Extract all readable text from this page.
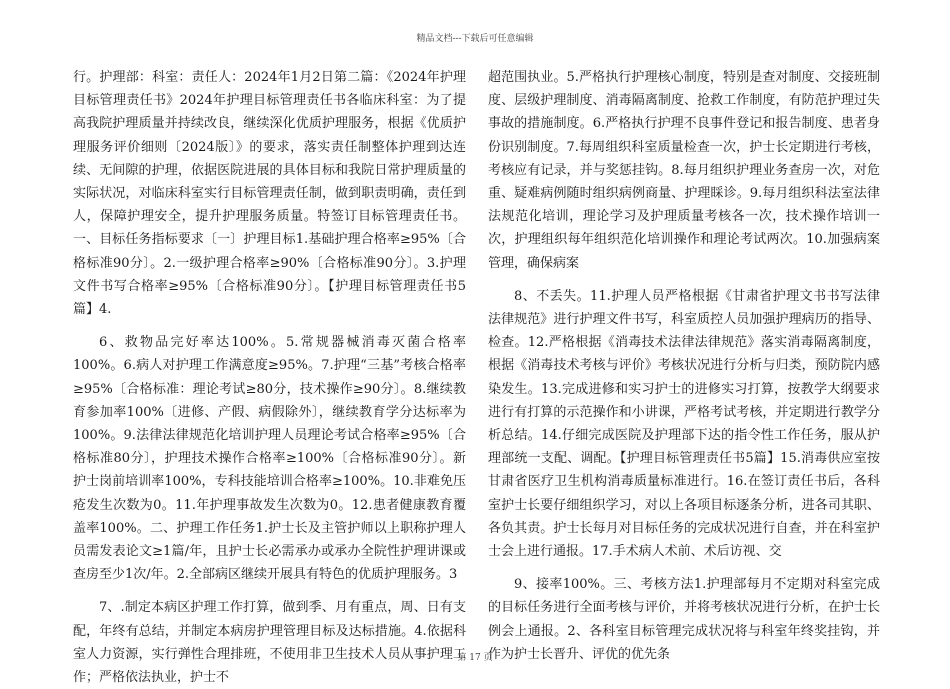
精品文档---下载后可任意编辑

行。护理部：科室：责任人：2024年1月2日第二篇：《2024年护理目标管理责任书》2024年护理目标管理责任书各临床科室：为了提高我院护理质量并持续改良，继续深化优质护理服务，根据《优质护理服务评价细则〔2024版〕》的要求，落实责任制整体护理到达连续、无间隙的护理，依据医院进展的具体目标和我院日常护理质量的实际状况，对临床科室实行目标管理责任制，做到职责明确，责任到人，保障护理安全，提升护理服务质量。特签订目标管理责任书。一、目标任务指标要求〔一〕护理目标1.基础护理合格率≥95%〔合格标准90分〕。2.一级护理合格率≥90%〔合格标准90分〕。3.护理文件书写合格率≥95%〔合格标准90分〕。【护理目标管理责任书5篇】4.

6、救物品完好率达100%。5.常规器械消毒灭菌合格率100%。6.病人对护理工作满意度≥95%。7.护理“三基”考核合格率≥95%〔合格标准：理论考试≥80分，技术操作≥90分〕。8.继续教育参加率100%〔进修、产假、病假除外〕，继续教育学分达标率为100%。9.法律法律规范化培训护理人员理论考试合格率≥95%〔合格标准80分〕，护理技术操作合格率≥100%〔合格标准90分〕。新护士岗前培训率100%，专科技能培训合格率≥100%。10.非难免压疮发生次数为0。11.年护理事故发生次数为0。12.患者健康教育覆盖率100%。二、护理工作任务1.护士长及主管护师以上职称护理人员需发表论文≥1篇/年，且护士长必需承办或承办全院性护理讲课或查房至少1次/年。2.全部病区继续开展具有特色的优质护理服务。3

7、.制定本病区护理工作打算，做到季、月有重点，周、日有支配，年终有总结，并制定本病房护理管理目标及达标措施。4.依据科室人力资源，实行弹性合理排班，不使用非卫生技术人员从事护理工作；严格依法执业，护士不

超范围执业。5.严格执行护理核心制度，特别是查对制度、交接班制度、层级护理制度、消毒隔离制度、抢救工作制度，有防范护理过失事故的措施制度。6.严格执行护理不良事件登记和报告制度、患者身份识别制度。7.每周组织科室质量检查一次，护士长定期进行考核，考核应有记录，并与奖惩挂钩。8.每月组织护理业务查房一次，对危重、疑难病例随时组织病例商量、护理睬诊。9.每月组织科法室法律法规范化培训，理论学习及护理质量考核各一次，技术操作培训一次，护理组织每年组织范化培训操作和理论考试两次。10.加强病案管理，确保病案

8、不丢失。11.护理人员严格根据《甘肃省护理文书书写法律法律规范》进行护理文件书写，科室质控人员加强护理病历的指导、检查。12.严格根据《消毒技术法律法律规范》落实消毒隔离制度，根据《消毒技术考核与评价》考核状况进行分析与归类，预防院内感染发生。13.完成进修和实习护士的进修实习打算，按教学大纲要求进行有打算的示范操作和小讲课，严格考试考核，并定期进行教学分析总结。14.仔细完成医院及护理部下达的指令性工作任务，服从护理部统一支配、调配。【护理目标管理责任书5篇】15.消毒供应室按甘肃省医疗卫生机构消毒质量标准进行。16.在签订责任书后，各科室护士长要仔细组织学习，对以上各项目标逐条分析，进各司其职、各负其责。护士长每月对目标任务的完成状况进行自查，并在科室护士会上进行通报。17.手术病人术前、术后访视、交

9、接率100%。三、考核方法1.护理部每月不定期对科室完成的目标任务进行全面考核与评价，并将考核状况进行分析，在护士长例会上通报。2、各科室目标管理完成状况将与科室年终奖挂钩，并作为护士长晋升、评优的优先条

第 17 页
